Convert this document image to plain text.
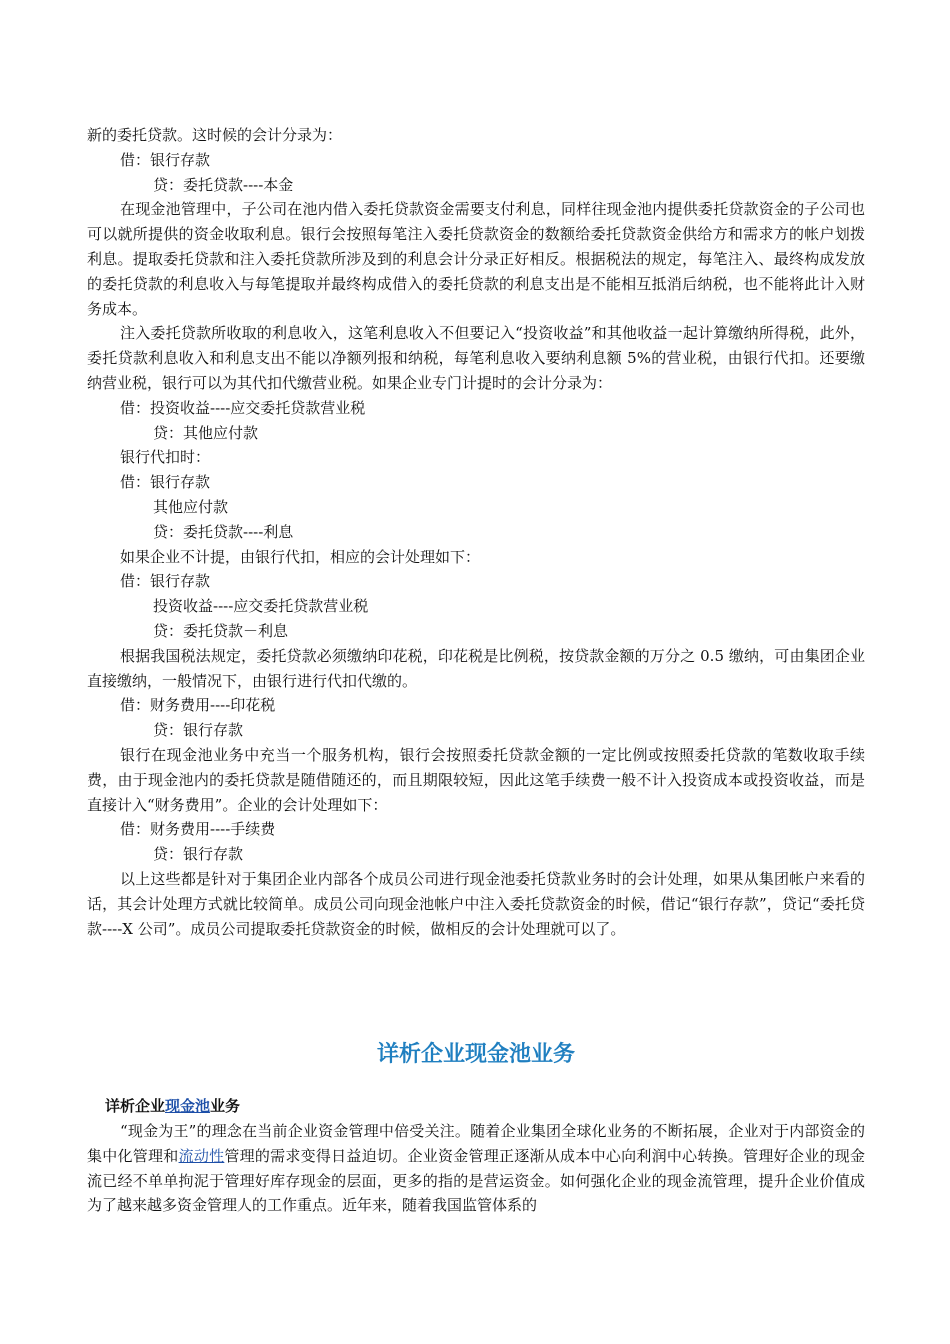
新的委托贷款。这时候的会计分录为：

借：银行存款

贷：委托贷款----本金

在现金池管理中，子公司在池内借入委托贷款资金需要支付利息，同样往现金池内提供委托贷款资金的子公司也可以就所提供的资金收取利息。银行会按照每笔注入委托贷款资金的数额给委托贷款资金供给方和需求方的帐户划拨利息。提取委托贷款和注入委托贷款所涉及到的利息会计分录正好相反。根据税法的规定，每笔注入、最终构成发放的委托贷款的利息收入与每笔提取并最终构成借入的委托贷款的利息支出是不能相互抵消后纳税，也不能将此计入财务成本。

注入委托贷款所收取的利息收入，这笔利息收入不但要记入“投资收益”和其他收益一起计算缴纳所得税，此外，委托贷款利息收入和利息支出不能以净额列报和纳税，每笔利息收入要纳利息额 5%的营业税，由银行代扣。还要缴纳营业税，银行可以为其代扣代缴营业税。如果企业专门计提时的会计分录为：

借：投资收益----应交委托贷款营业税

贷：其他应付款

银行代扣时：

借：银行存款

其他应付款

贷：委托贷款----利息

如果企业不计提，由银行代扣，相应的会计处理如下：

借：银行存款

投资收益----应交委托贷款营业税

贷：委托贷款－利息

根据我国税法规定，委托贷款必须缴纳印花税，印花税是比例税，按贷款金额的万分之 0.5 缴纳，可由集团企业直接缴纳，一般情况下，由银行进行代扣代缴的。

借：财务费用----印花税

贷：银行存款

银行在现金池业务中充当一个服务机构，银行会按照委托贷款金额的一定比例或按照委托贷款的笔数收取手续费，由于现金池内的委托贷款是随借随还的，而且期限较短，因此这笔手续费一般不计入投资成本或投资收益，而是直接计入“财务费用”。企业的会计处理如下：

借：财务费用----手续费

贷：银行存款

以上这些都是针对于集团企业内部各个成员公司进行现金池委托贷款业务时的会计处理，如果从集团帐户来看的话，其会计处理方式就比较简单。成员公司向现金池帐户中注入委托贷款资金的时候，借记“银行存款”，贷记“委托贷款----X 公司”。成员公司提取委托贷款资金的时候，做相反的会计处理就可以了。

详析企业现金池业务

详析企业现金池业务

“现金为王”的理念在当前企业资金管理中倍受关注。随着企业集团全球化业务的不断拓展，企业对于内部资金的集中化管理和流动性管理的需求变得日益迫切。企业资金管理正逐渐从成本中心向利润中心转换。管理好企业的现金流已经不单单拘泥于管理好库存现金的层面，更多的指的是营运资金。如何强化企业的现金流管理，提升企业价值成为了越来越多资金管理人的工作重点。近年来，随着我国监管体系的
